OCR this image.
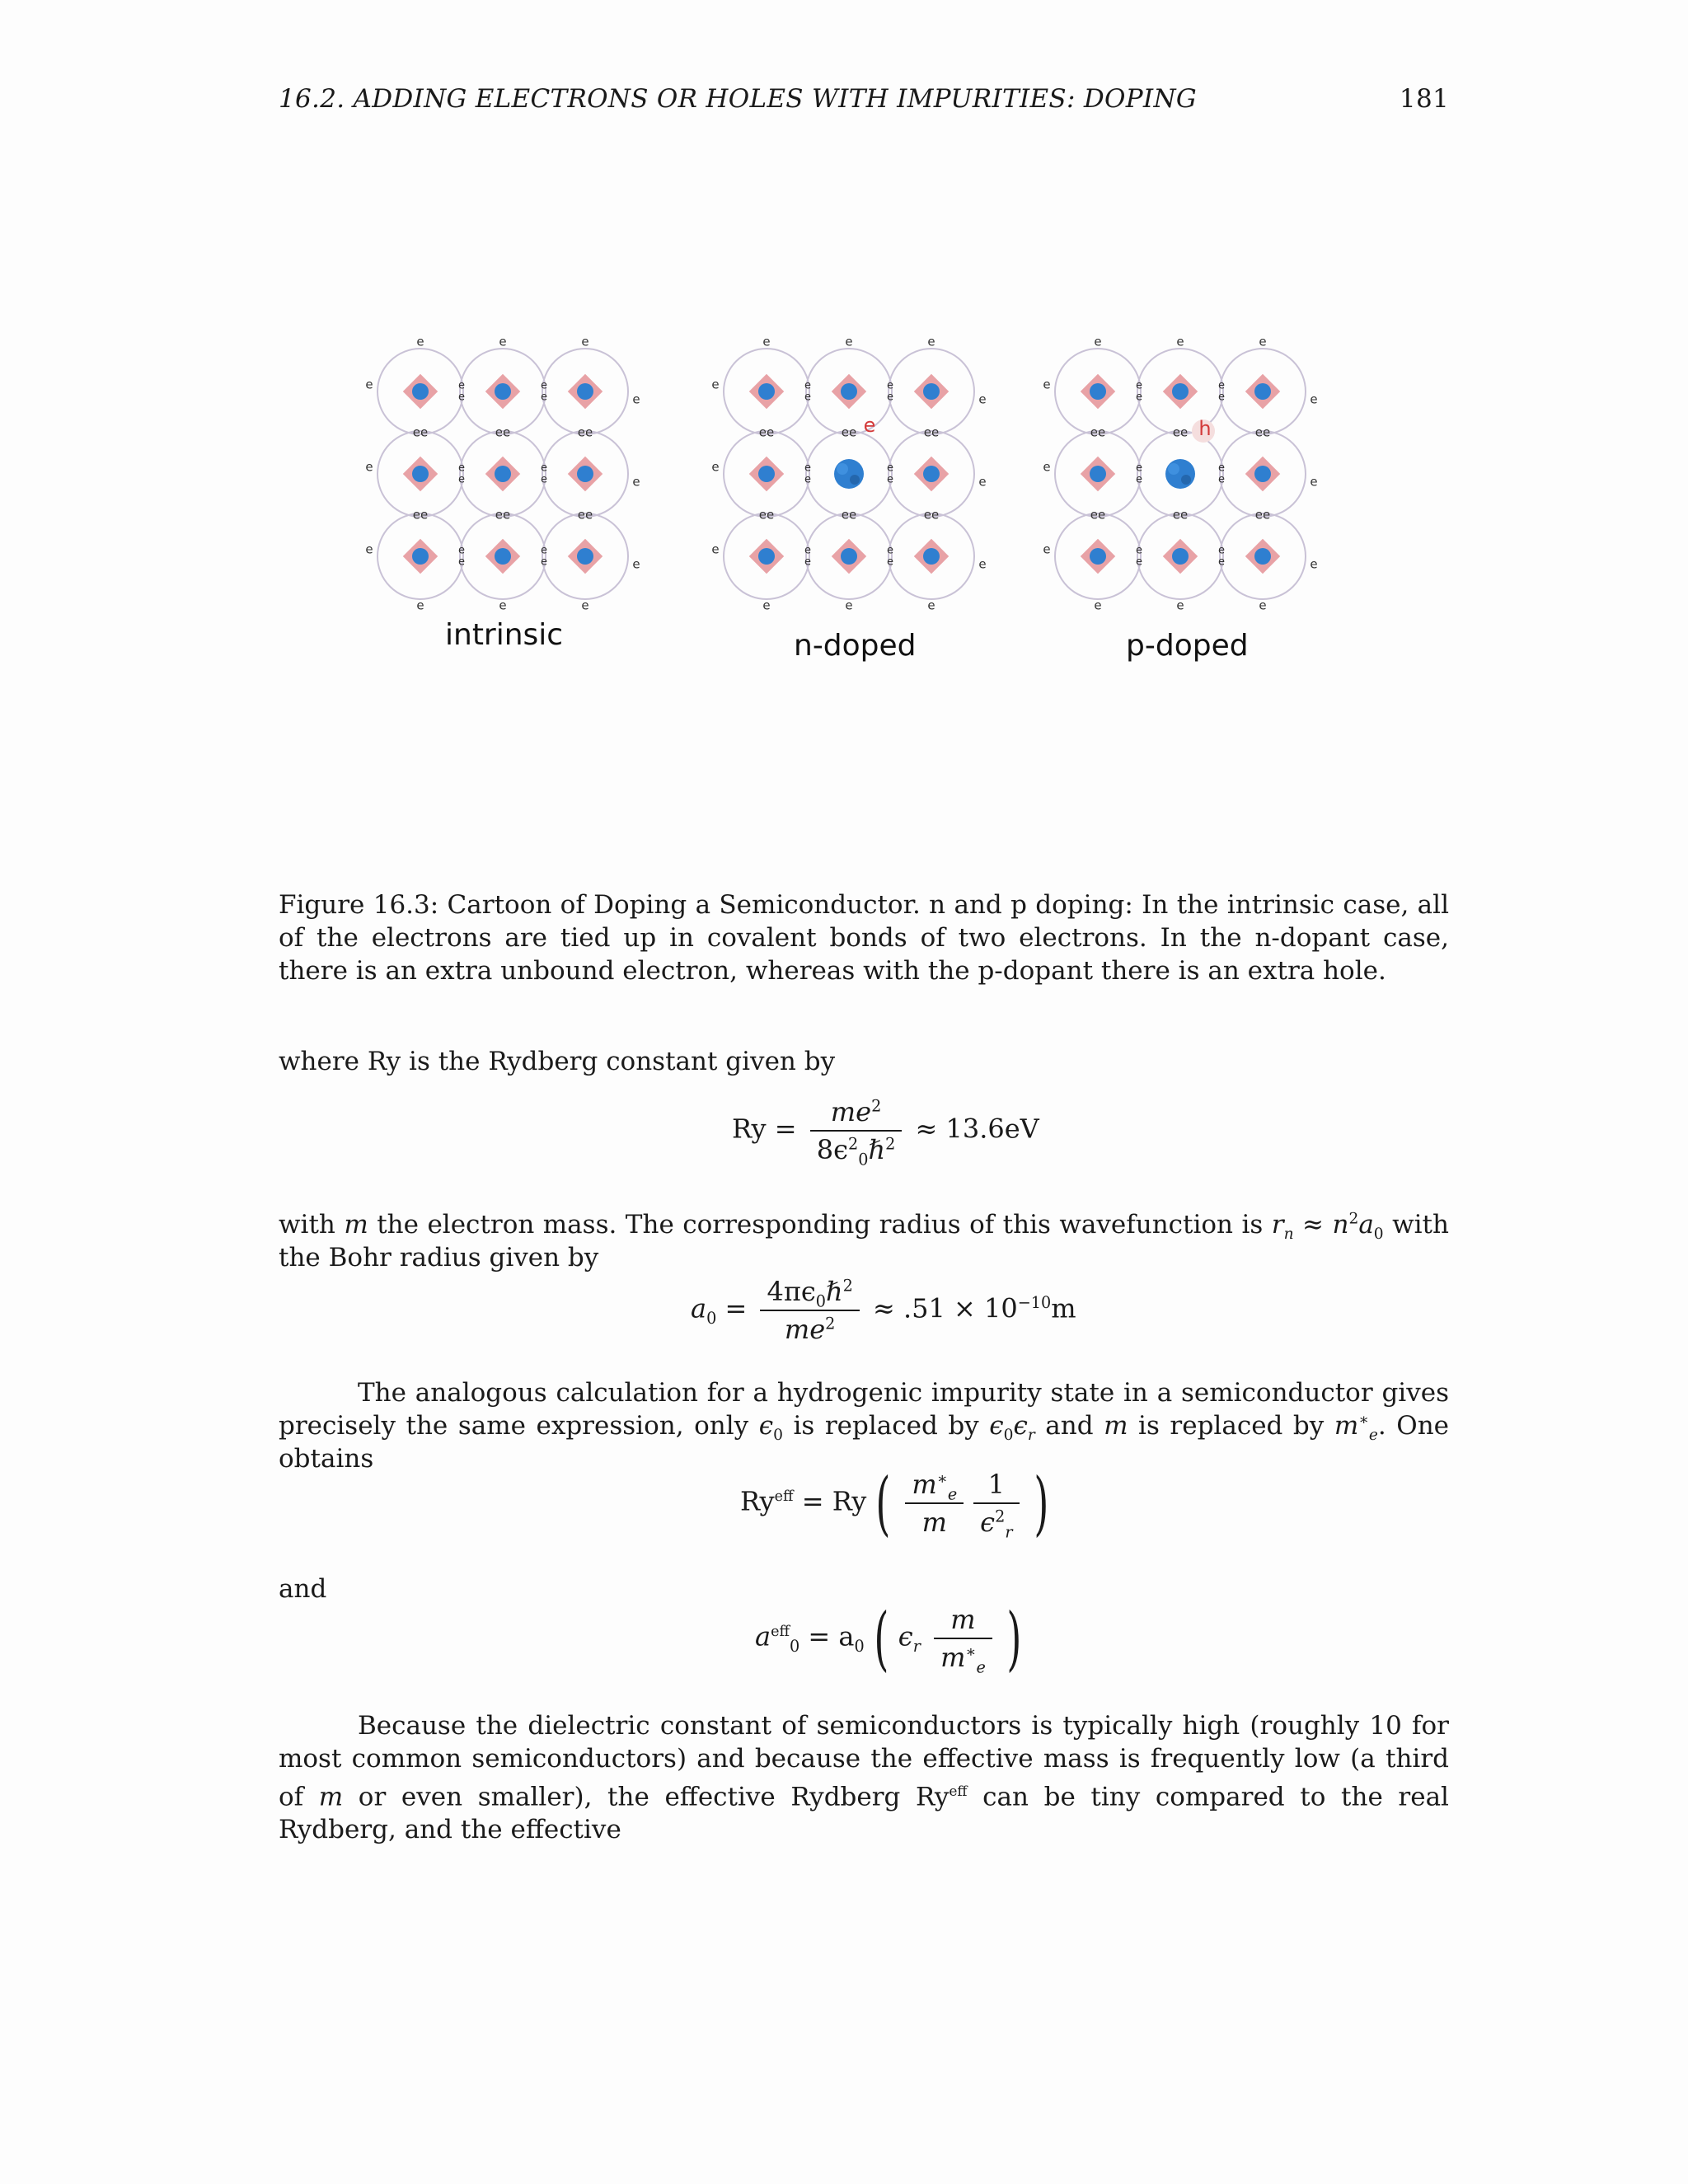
16.2. ADDING ELECTRONS OR HOLES WITH IMPURITIES: DOPING	181
e
e
e
e
e
e
e
e
e
e
e
e
ee
ee
ee
ee
ee
ee
e
e
e
e
e
e
e
e
e
e
e
e
e
e
e
e
e
e
e
e
e
e
e
e
ee
ee
ee
ee
ee
ee
e
e
e
e
e
e
e
e
e
e
e
e
e
e
e
e
e
e
e
e
e
e
e
e
e
ee
ee
ee
ee
ee
ee
e
e
e
e
e
e
e
e
e
e
e
e
h
intrinsic	n-doped	p-doped
Figure 16.3: Cartoon of Doping a Semiconductor. n and p doping: In the intrinsic case, all of the electrons are tied up in covalent bonds of two electrons. In the n-dopant case, there is an extra unbound electron, whereas with the p-dopant there is an extra hole.
where Ry is the Rydberg constant given by
$Ry = \frac{me^2}{8\epsilon^2_0\hbar^2} \approx 13.6eV$
with m the electron mass. The corresponding radius of this wavefunction is $r_n \approx n^2a_0$ with the Bohr radius given by
$a_0 = \frac{4\pi\epsilon_0\hbar^2}{me^2} \approx .51 \times 10^{-10}m$
The analogous calculation for a hydrogenic impurity state in a semiconductor gives precisely the same expression, only $\epsilon_0$ is replaced by $\epsilon_0\epsilon_r$ and m is replaced by $m^∗_e$. One obtains
$Ry^{eff} = Ry$ ( $\frac{m^∗_e}{m} \frac{1}{\epsilon^2_r}$ )
and
$a^{eff}_0 = a_0$ ( $\epsilon_r \frac{m}{m^∗_e}$ )
Because the dielectric constant of semiconductors is typically high (roughly 10 for most common semiconductors) and because the effective mass is frequently low (a third of m or even smaller), the effective Rydberg $Ry^{eff}$ can be tiny compared to the real Rydberg, and the effective
